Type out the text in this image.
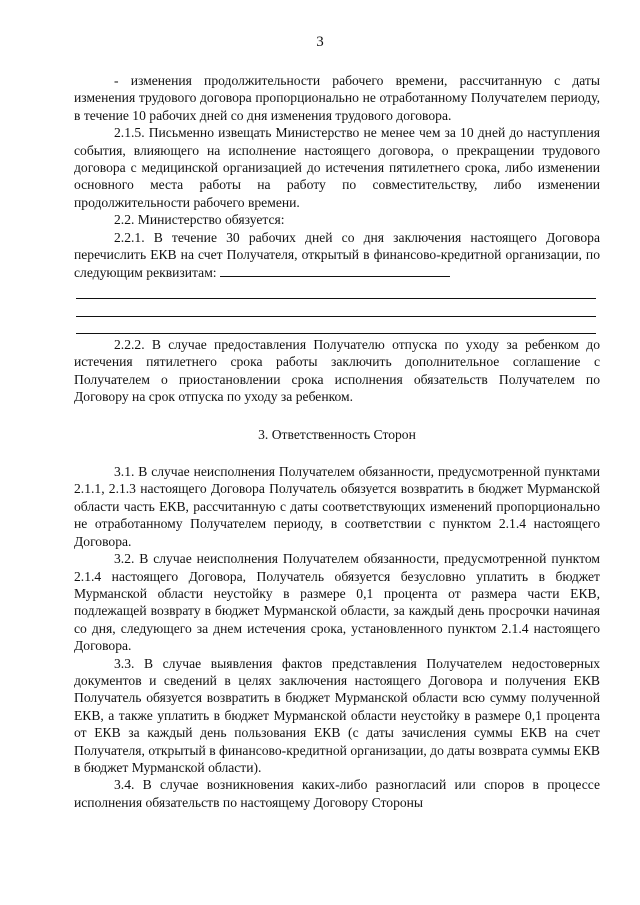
3

- изменения продолжительности рабочего времени, рассчитанную с даты изменения трудового договора пропорционально не отработанному Получателем периоду, в течение 10 рабочих дней со дня изменения трудового договора.

2.1.5. Письменно извещать Министерство не менее чем за 10 дней до наступления события, влияющего на исполнение настоящего договора, о прекращении трудового договора с медицинской организацией до истечения пятилетнего срока, либо изменении основного места работы на работу по совместительству, либо изменении продолжительности рабочего времени.

2.2. Министерство обязуется:

2.2.1. В течение 30 рабочих дней со дня заключения настоящего Договора перечислить ЕКВ на счет Получателя, открытый в финансово-кредитной организации, по следующим реквизитам:

2.2.2. В случае предоставления Получателю отпуска по уходу за ребенком до истечения пятилетнего срока работы заключить дополнительное соглашение с Получателем о приостановлении срока исполнения обязательств Получателем по Договору на срок отпуска по уходу за ребенком.

3. Ответственность Сторон

3.1. В случае неисполнения Получателем обязанности, предусмотренной пунктами 2.1.1, 2.1.3 настоящего Договора Получатель обязуется возвратить в бюджет Мурманской области часть ЕКВ, рассчитанную с даты соответствующих изменений пропорционально не отработанному Получателем периоду, в соответствии с пунктом 2.1.4 настоящего Договора.

3.2. В случае неисполнения Получателем обязанности, предусмотренной пунктом 2.1.4 настоящего Договора, Получатель обязуется безусловно уплатить в бюджет Мурманской области неустойку в размере 0,1 процента от размера части ЕКВ, подлежащей возврату в бюджет Мурманской области, за каждый день просрочки начиная со дня, следующего за днем истечения срока, установленного пунктом 2.1.4 настоящего Договора.

3.3. В случае выявления фактов представления Получателем недостоверных документов и сведений в целях заключения настоящего Договора и получения ЕКВ Получатель обязуется возвратить в бюджет Мурманской области всю сумму полученной ЕКВ, а также уплатить в бюджет Мурманской области неустойку в размере 0,1 процента от ЕКВ за каждый день пользования ЕКВ (с даты зачисления суммы ЕКВ на счет Получателя, открытый в финансово-кредитной организации, до даты возврата суммы ЕКВ в бюджет Мурманской области).

3.4. В случае возникновения каких-либо разногласий или споров в процессе исполнения обязательств по настоящему Договору Стороны
